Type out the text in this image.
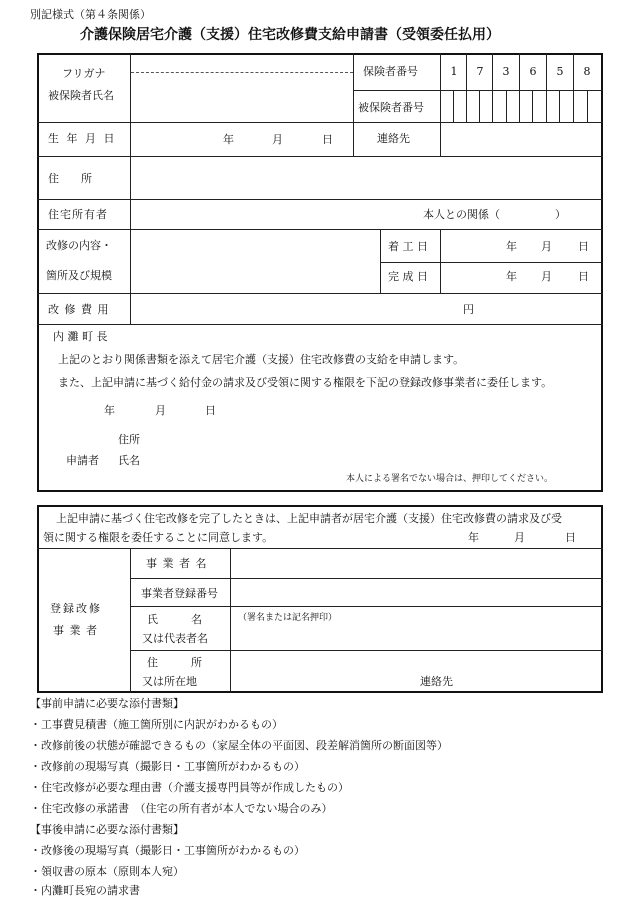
別記様式（第４条関係）
介護保険居宅介護（支援）住宅改修費支給申請書（受領委任払用）
フリガナ
被保険者氏名
保険者番号	1	7	3	6	5	8
被保険者番号
生 年 月 日	年	月	日	連絡先
住　　所
住宅所有者	本人との関係（　　　　　）
改修の内容・
箇所及び規模
着 工 日	年 月 日
完 成 日	年 月 日
改 修 費 用	円
内 灘 町 長
上記のとおり関係書類を添えて居宅介護（支援）住宅改修費の支給を申請します。
また、上記申請に基づく給付金の請求及び受領に関する権限を下記の登録改修事業者に委任します。
年	月	日
住所
申請者 氏名
本人による署名でない場合は、押印してください。
上記申請に基づく住宅改修を完了したときは、上記申請者が居宅介護（支援）住宅改修費の請求及び受
領に関する権限を委任することに同意します。	年	月	日
登録改修
事 業 者
事 業 者 名
事業者登録番号
氏　　　名
又は代表者名
（署名または記名押印）
住　　　所
又は所在地	連絡先
【事前申請に必要な添付書類】
・工事費見積書（施工箇所別に内訳がわかるもの）
・改修前後の状態が確認できるもの（家屋全体の平面図、段差解消箇所の断面図等）
・改修前の現場写真（撮影日・工事箇所がわかるもの）
・住宅改修が必要な理由書（介護支援専門員等が作成したもの）
・住宅改修の承諾書　（住宅の所有者が本人でない場合のみ）
【事後申請に必要な添付書類】
・改修後の現場写真（撮影日・工事箇所がわかるもの）
・領収書の原本（原則本人宛）
・内灘町長宛の請求書
